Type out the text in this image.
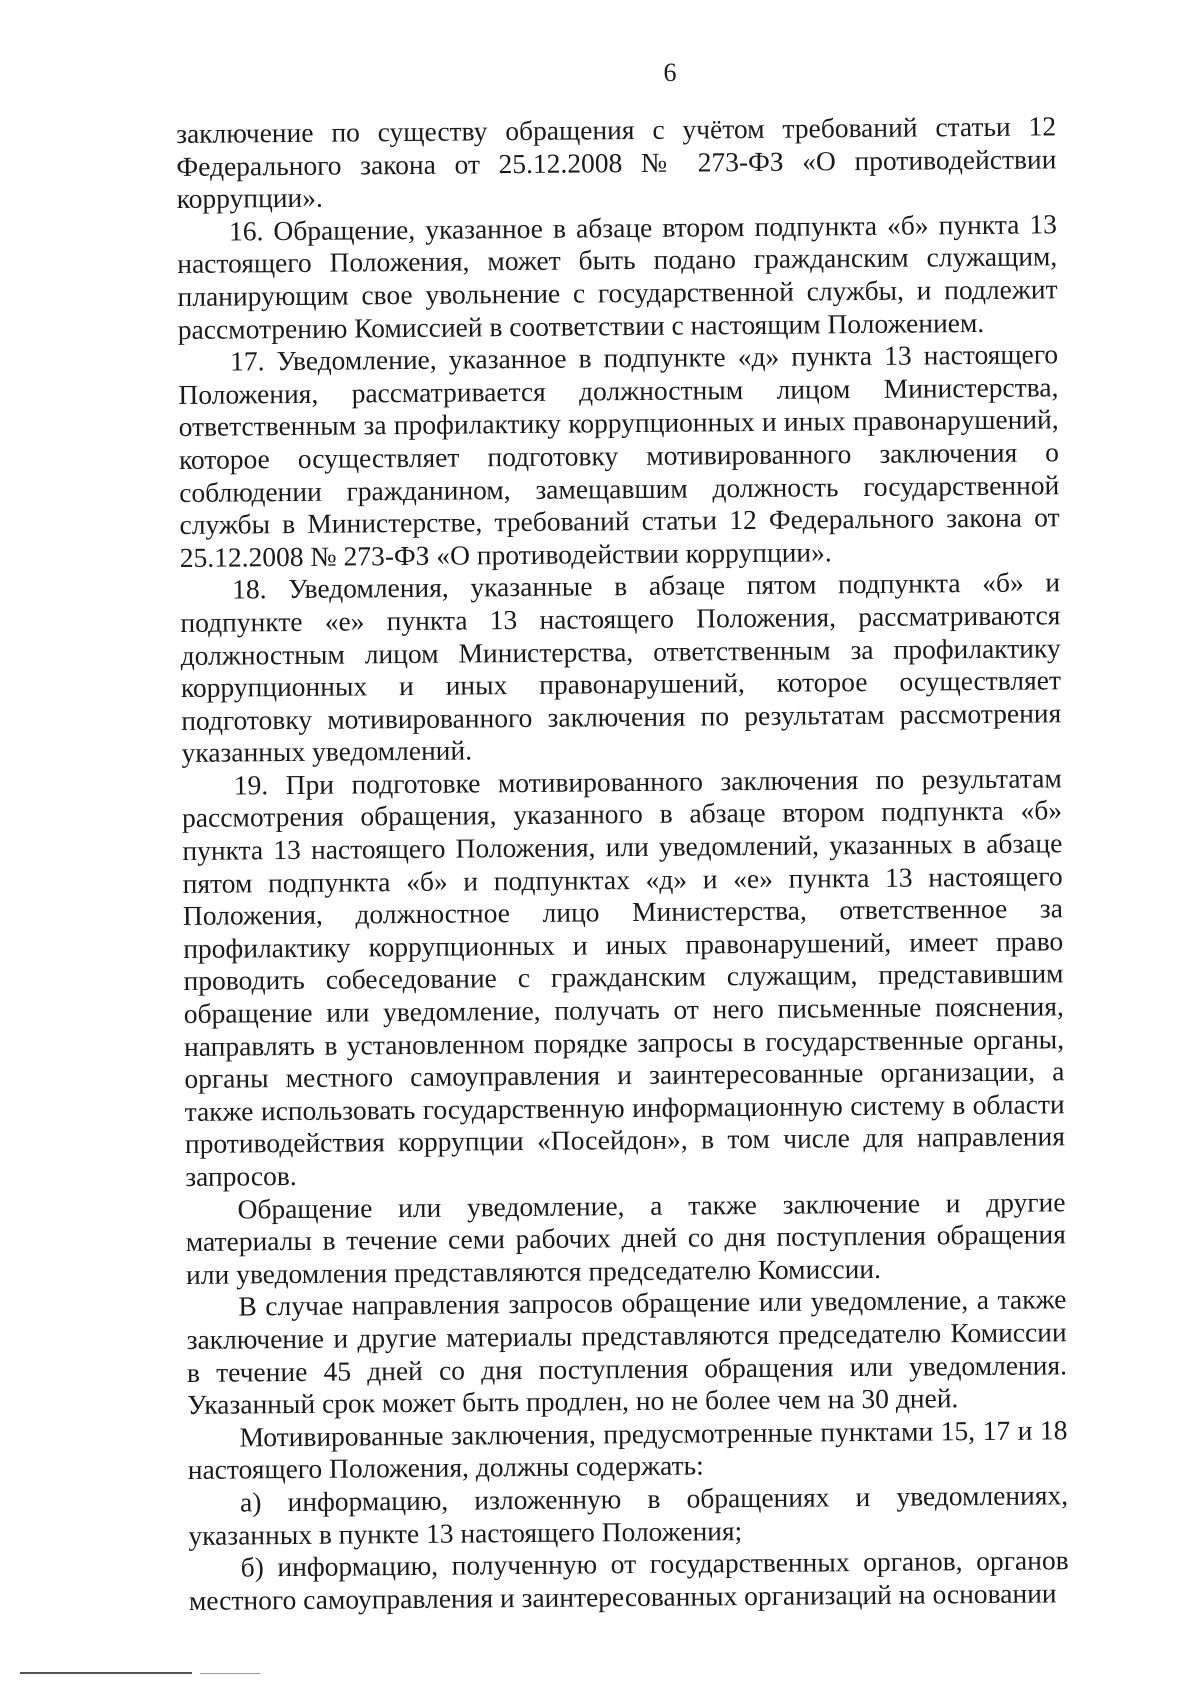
6

заключение по существу обращения с учётом требований статьи 12 Федерального закона от 25.12.2008 № 273-ФЗ «О противодействии коррупции».

16. Обращение, указанное в абзаце втором подпункта «б» пункта 13 настоящего Положения, может быть подано гражданским служащим, планирующим свое увольнение с государственной службы, и подлежит рассмотрению Комиссией в соответствии с настоящим Положением.

17. Уведомление, указанное в подпункте «д» пункта 13 настоящего Положения, рассматривается должностным лицом Министерства, ответственным за профилактику коррупционных и иных правонарушений, которое осуществляет подготовку мотивированного заключения о соблюдении гражданином, замещавшим должность государственной службы в Министерстве, требований статьи 12 Федерального закона от 25.12.2008 № 273-ФЗ «О противодействии коррупции».

18. Уведомления, указанные в абзаце пятом подпункта «б» и подпункте «е» пункта 13 настоящего Положения, рассматриваются должностным лицом Министерства, ответственным за профилактику коррупционных и иных правонарушений, которое осуществляет подготовку мотивированного заключения по результатам рассмотрения указанных уведомлений.

19. При подготовке мотивированного заключения по результатам рассмотрения обращения, указанного в абзаце втором подпункта «б» пункта 13 настоящего Положения, или уведомлений, указанных в абзаце пятом подпункта «б» и подпунктах «д» и «е» пункта 13 настоящего Положения, должностное лицо Министерства, ответственное за профилактику коррупционных и иных правонарушений, имеет право проводить собеседование с гражданским служащим, представившим обращение или уведомление, получать от него письменные пояснения, направлять в установленном порядке запросы в государственные органы, органы местного самоуправления и заинтересованные организации, а также использовать государственную информационную систему в области противодействия коррупции «Посейдон», в том числе для направления запросов.

Обращение или уведомление, а также заключение и другие материалы в течение семи рабочих дней со дня поступления обращения или уведомления представляются председателю Комиссии.

В случае направления запросов обращение или уведомление, а также заключение и другие материалы представляются председателю Комиссии в течение 45 дней со дня поступления обращения или уведомления. Указанный срок может быть продлен, но не более чем на 30 дней.

Мотивированные заключения, предусмотренные пунктами 15, 17 и 18 настоящего Положения, должны содержать:

а) информацию, изложенную в обращениях и уведомлениях, указанных в пункте 13 настоящего Положения;

б) информацию, полученную от государственных органов, органов местного самоуправления и заинтересованных организаций на основании
